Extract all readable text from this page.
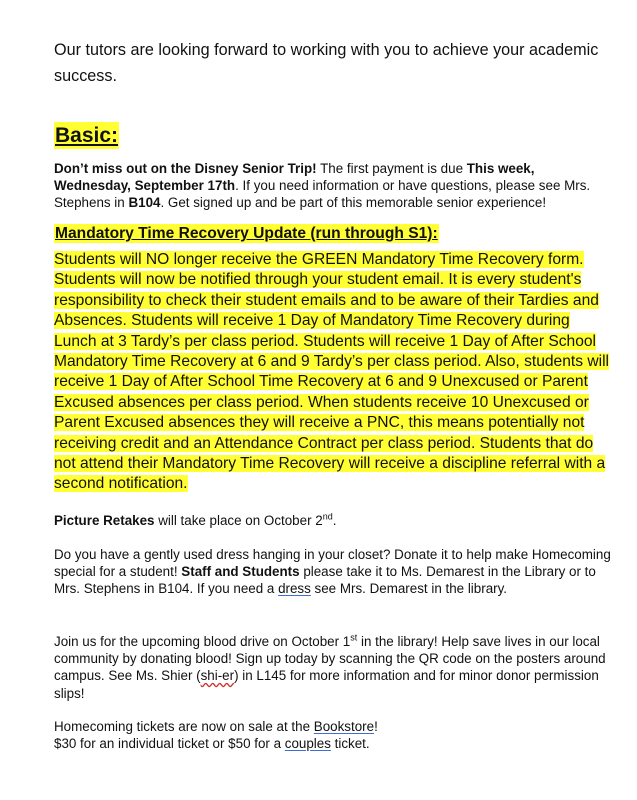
Our tutors are looking forward to working with you to achieve your academic success.
Basic:
Don’t miss out on the Disney Senior Trip! The first payment is due This week, Wednesday, September 17th. If you need information or have questions, please see Mrs. Stephens in B104. Get signed up and be part of this memorable senior experience!
Mandatory Time Recovery Update (run through S1):
Students will NO longer receive the GREEN Mandatory Time Recovery form. Students will now be notified through your student email. It is every student's responsibility to check their student emails and to be aware of their Tardies and Absences. Students will receive 1 Day of Mandatory Time Recovery during Lunch at 3 Tardy’s per class period. Students will receive 1 Day of After School Mandatory Time Recovery at 6 and 9 Tardy’s per class period. Also, students will receive 1 Day of After School Time Recovery at 6 and 9 Unexcused or Parent Excused absences per class period. When students receive 10 Unexcused or Parent Excused absences they will receive a PNC, this means potentially not receiving credit and an Attendance Contract per class period. Students that do not attend their Mandatory Time Recovery will receive a discipline referral with a second notification.
Picture Retakes will take place on October 2nd.
Do you have a gently used dress hanging in your closet? Donate it to help make Homecoming special for a student! Staff and Students please take it to Ms. Demarest in the Library or to Mrs. Stephens in B104. If you need a dress see Mrs. Demarest in the library.
Join us for the upcoming blood drive on October 1st in the library! Help save lives in our local community by donating blood! Sign up today by scanning the QR code on the posters around campus. See Ms. Shier (shi-er) in L145 for more information and for minor donor permission slips!
Homecoming tickets are now on sale at the Bookstore!
$30 for an individual ticket or $50 for a couples ticket.
